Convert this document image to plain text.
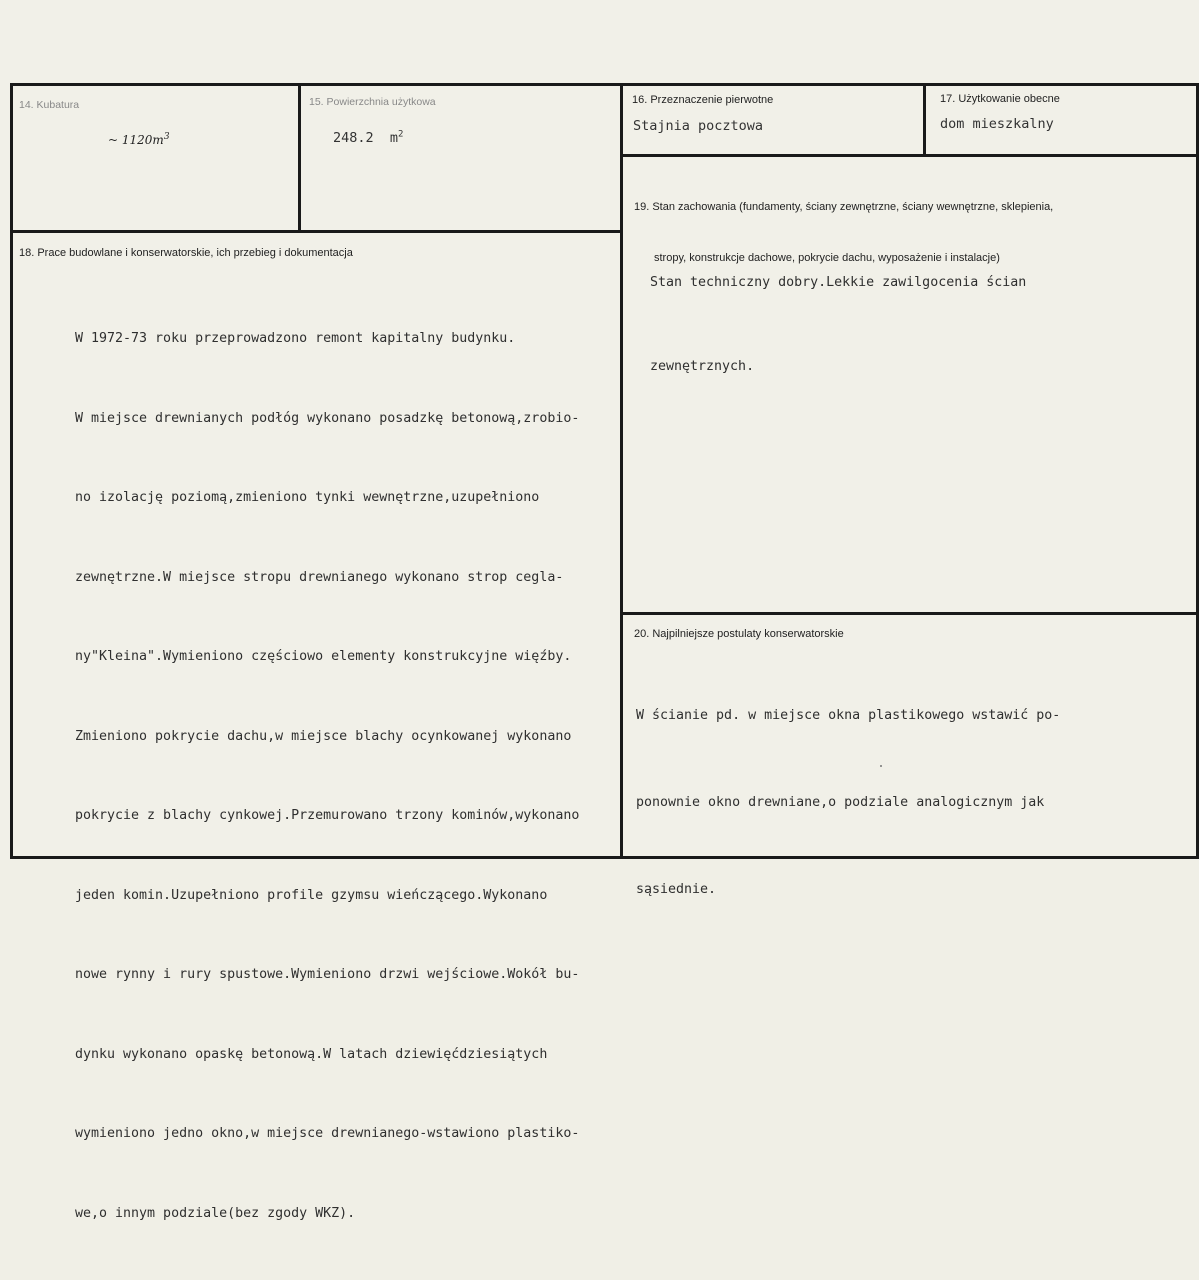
14. Kubatura
~ $1120m^3$
15. Powierzchnia użytkowa
248.2 $m^2$
16. Przeznaczenie pierwotne
Stajnia pocztowa
17. Użytkowanie obecne
dom mieszkalny
18. Prace budowlane i konserwatorskie, ich przebieg i dokumentacja

W 1972-73 roku przeprowadzono remont kapitalny budynku.

W miejsce drewnianych podłóg wykonano posadzkę betonową,zrobio-

no izolację poziomą,zmieniono tynki wewnętrzne,uzupełniono

zewnętrzne.W miejsce stropu drewnianego wykonano strop cegla-

ny"Kleina".Wymieniono częściowo elementy konstrukcyjne więźby.

Zmieniono pokrycie dachu,w miejsce blachy ocynkowanej wykonano

pokrycie z blachy cynkowej.Przemurowano trzony kominów,wykonano

jeden komin.Uzupełniono profile gzymsu wieńczącego.Wykonano

nowe rynny i rury spustowe.Wymieniono drzwi wejściowe.Wokół bu-

dynku wykonano opaskę betonową.W latach dziewięćdziesiątych

wymieniono jedno okno,w miejsce drewnianego-wstawiono plastiko-

we,o innym podziale(bez zgody WKZ).

19. Stan zachowania (fundamenty, ściany zewnętrzne, ściany wewnętrzne, sklepienia,

stropy, konstrukcje dachowe, pokrycie dachu, wyposażenie i instalacje)

Stan techniczny dobry.Lekkie zawilgocenia ścian

zewnętrznych.

20. Najpilniejsze postulaty konserwatorskie

W ścianie pd. w miejsce okna plastikowego wstawić po-

ponownie okno drewniane,o podziale analogicznym jak

sąsiednie.
